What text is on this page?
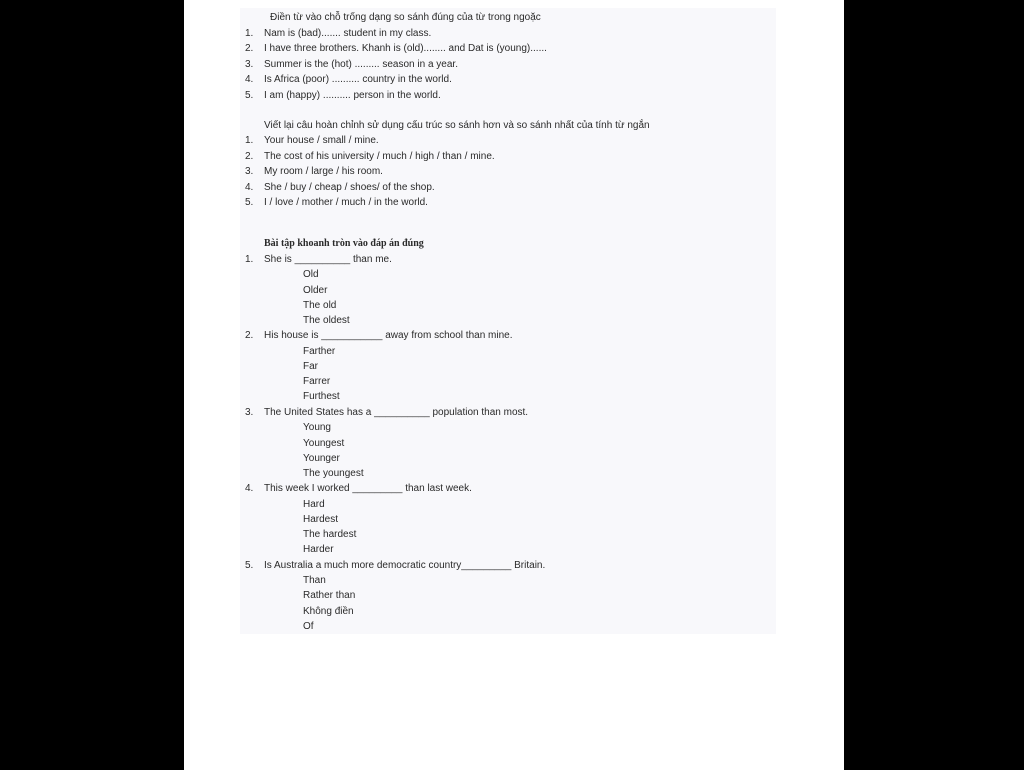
Điền từ vào chỗ trống dạng so sánh đúng của từ trong ngoặc
1. Nam is (bad)....... student in my class.
2. I have three brothers. Khanh is (old)........ and Dat is (young)......
3. Summer is the (hot) ......... season in a year.
4. Is Africa (poor) .......... country in the world.
5. I am (happy) .......... person in the world.
Viết lại câu hoàn chỉnh sử dụng cấu trúc so sánh hơn và so sánh nhất của tính từ ngắn
1. Your house / small / mine.
2. The cost of his university / much / high / than / mine.
3. My room / large / his room.
4. She / buy / cheap / shoes/ of the shop.
5. I / love / mother / much / in the world.
Bài tập khoanh tròn vào đáp án đúng
1. She is __________ than me.
Old
Older
The old
The oldest
2. His house is ___________ away from school than mine.
Farther
Far
Farrer
Furthest
3. The United States has a __________ population than most.
Young
Youngest
Younger
The youngest
4. This week I worked _________ than last week.
Hard
Hardest
The hardest
Harder
5. Is Australia a much more democratic country_________ Britain.
Than
Rather than
Không điền
Of
